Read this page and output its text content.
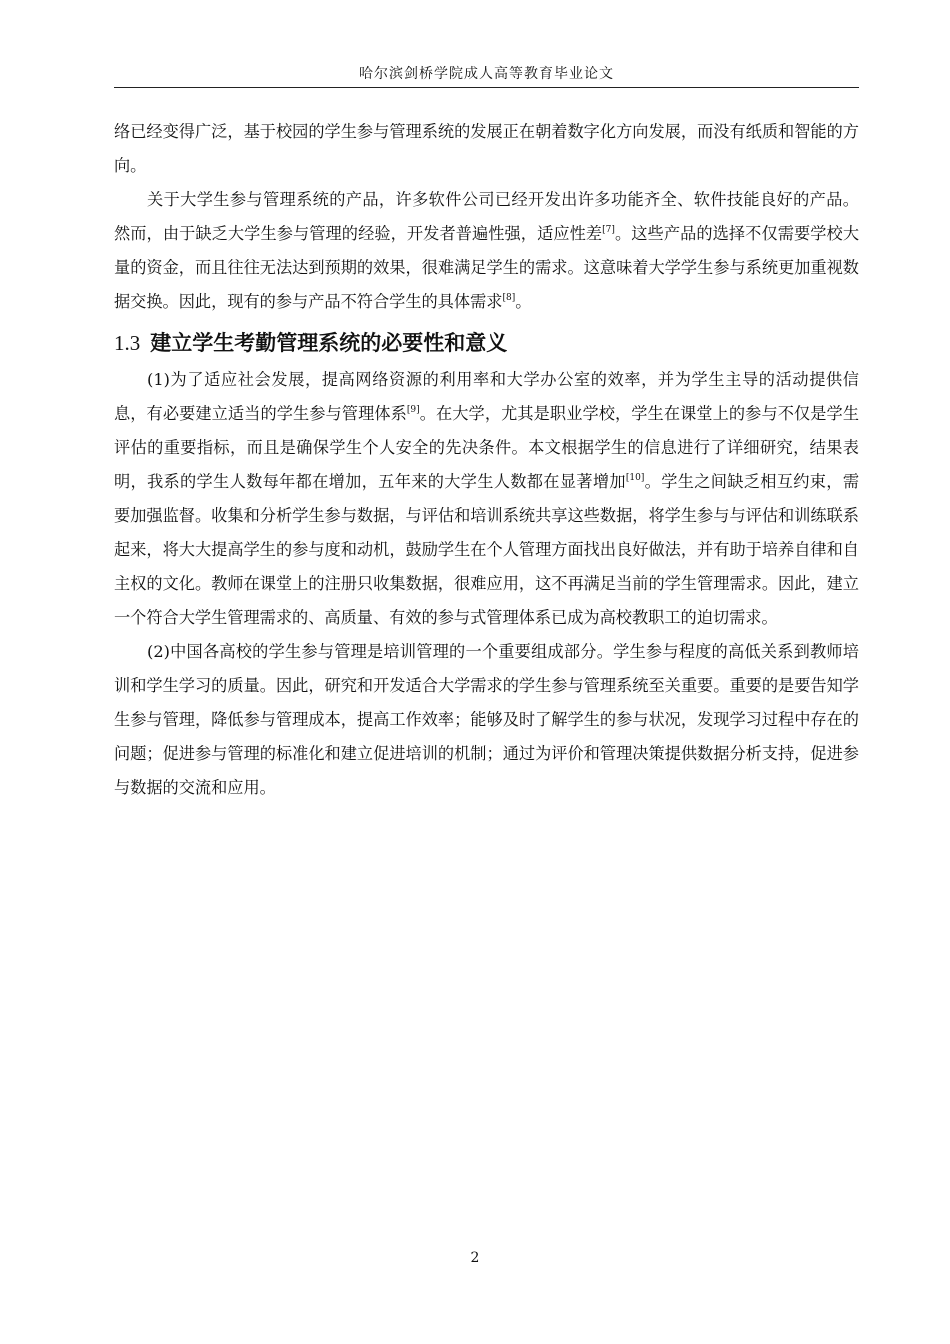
哈尔滨剑桥学院成人高等教育毕业论文

络已经变得广泛，基于校园的学生参与管理系统的发展正在朝着数字化方向发展，而没有纸质和智能的方向。

关于大学生参与管理系统的产品，许多软件公司已经开发出许多功能齐全、软件技能良好的产品。然而，由于缺乏大学生参与管理的经验，开发者普遍性强，适应性差[7]。这些产品的选择不仅需要学校大量的资金，而且往往无法达到预期的效果，很难满足学生的需求。这意味着大学学生参与系统更加重视数据交换。因此，现有的参与产品不符合学生的具体需求[8]。

1.3 建立学生考勤管理系统的必要性和意义

(1)为了适应社会发展，提高网络资源的利用率和大学办公室的效率，并为学生主导的活动提供信息，有必要建立适当的学生参与管理体系[9]。在大学，尤其是职业学校，学生在课堂上的参与不仅是学生评估的重要指标，而且是确保学生个人安全的先决条件。本文根据学生的信息进行了详细研究，结果表明，我系的学生人数每年都在增加，五年来的大学生人数都在显著增加[10]。学生之间缺乏相互约束，需要加强监督。收集和分析学生参与数据，与评估和培训系统共享这些数据，将学生参与与评估和训练联系起来，将大大提高学生的参与度和动机，鼓励学生在个人管理方面找出良好做法，并有助于培养自律和自主权的文化。教师在课堂上的注册只收集数据，很难应用，这不再满足当前的学生管理需求。因此，建立一个符合大学生管理需求的、高质量、有效的参与式管理体系已成为高校教职工的迫切需求。

(2)中国各高校的学生参与管理是培训管理的一个重要组成部分。学生参与程度的高低关系到教师培训和学生学习的质量。因此，研究和开发适合大学需求的学生参与管理系统至关重要。重要的是要告知学生参与管理，降低参与管理成本，提高工作效率；能够及时了解学生的参与状况，发现学习过程中存在的问题；促进参与管理的标准化和建立促进培训的机制；通过为评价和管理决策提供数据分析支持，促进参与数据的交流和应用。

2
